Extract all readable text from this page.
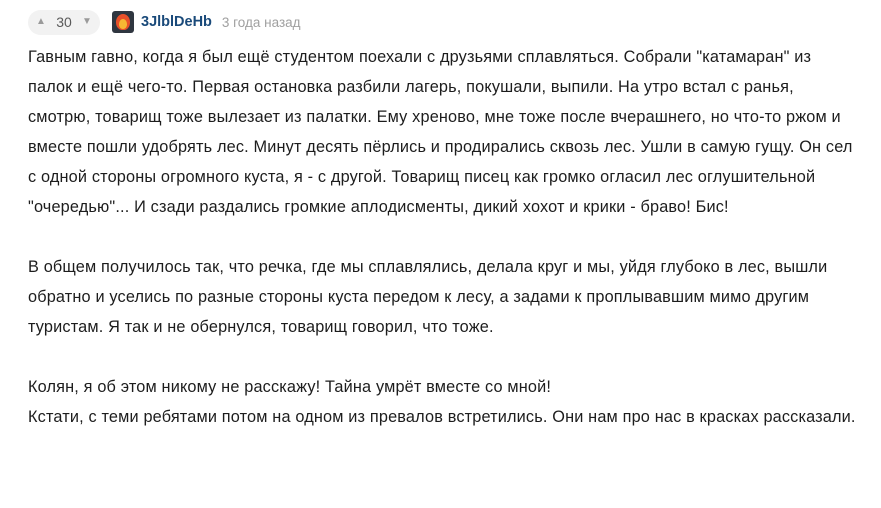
▲ 30	▼	3JlblDeHb 3 года назад

Гавным гавно, когда я был ещё студентом поехали с друзьями сплавляться. Собрали "катамаран" из палок и ещё чего-то. Первая остановка разбили лагерь, покушали, выпили. На утро встал с ранья, смотрю, товарищ тоже вылезает из палатки. Ему хреново, мне тоже после вчерашнего, но что-то ржом и вместе пошли удобрять лес. Минут десять пёрлись и продирались сквозь лес. Ушли в самую гущу. Он сел с одной стороны огромного куста, я - с другой. Товарищ писец как громко огласил лес оглушительной "очередью"... И сзади раздались громкие аплодисменты, дикий хохот и крики - браво! Бис!

В общем получилось так, что речка, где мы сплавлялись, делала круг и мы, уйдя глубоко в лес, вышли обратно и уселись по разные стороны куста передом к лесу, а задами к проплывавшим мимо другим туристам. Я так и не обернулся, товарищ говорил, что тоже.

Колян, я об этом никому не расскажу! Тайна умрёт вместе со мной!

Кстати, с теми ребятами потом на одном из превалов встретились. Они нам про нас в красках рассказали.
